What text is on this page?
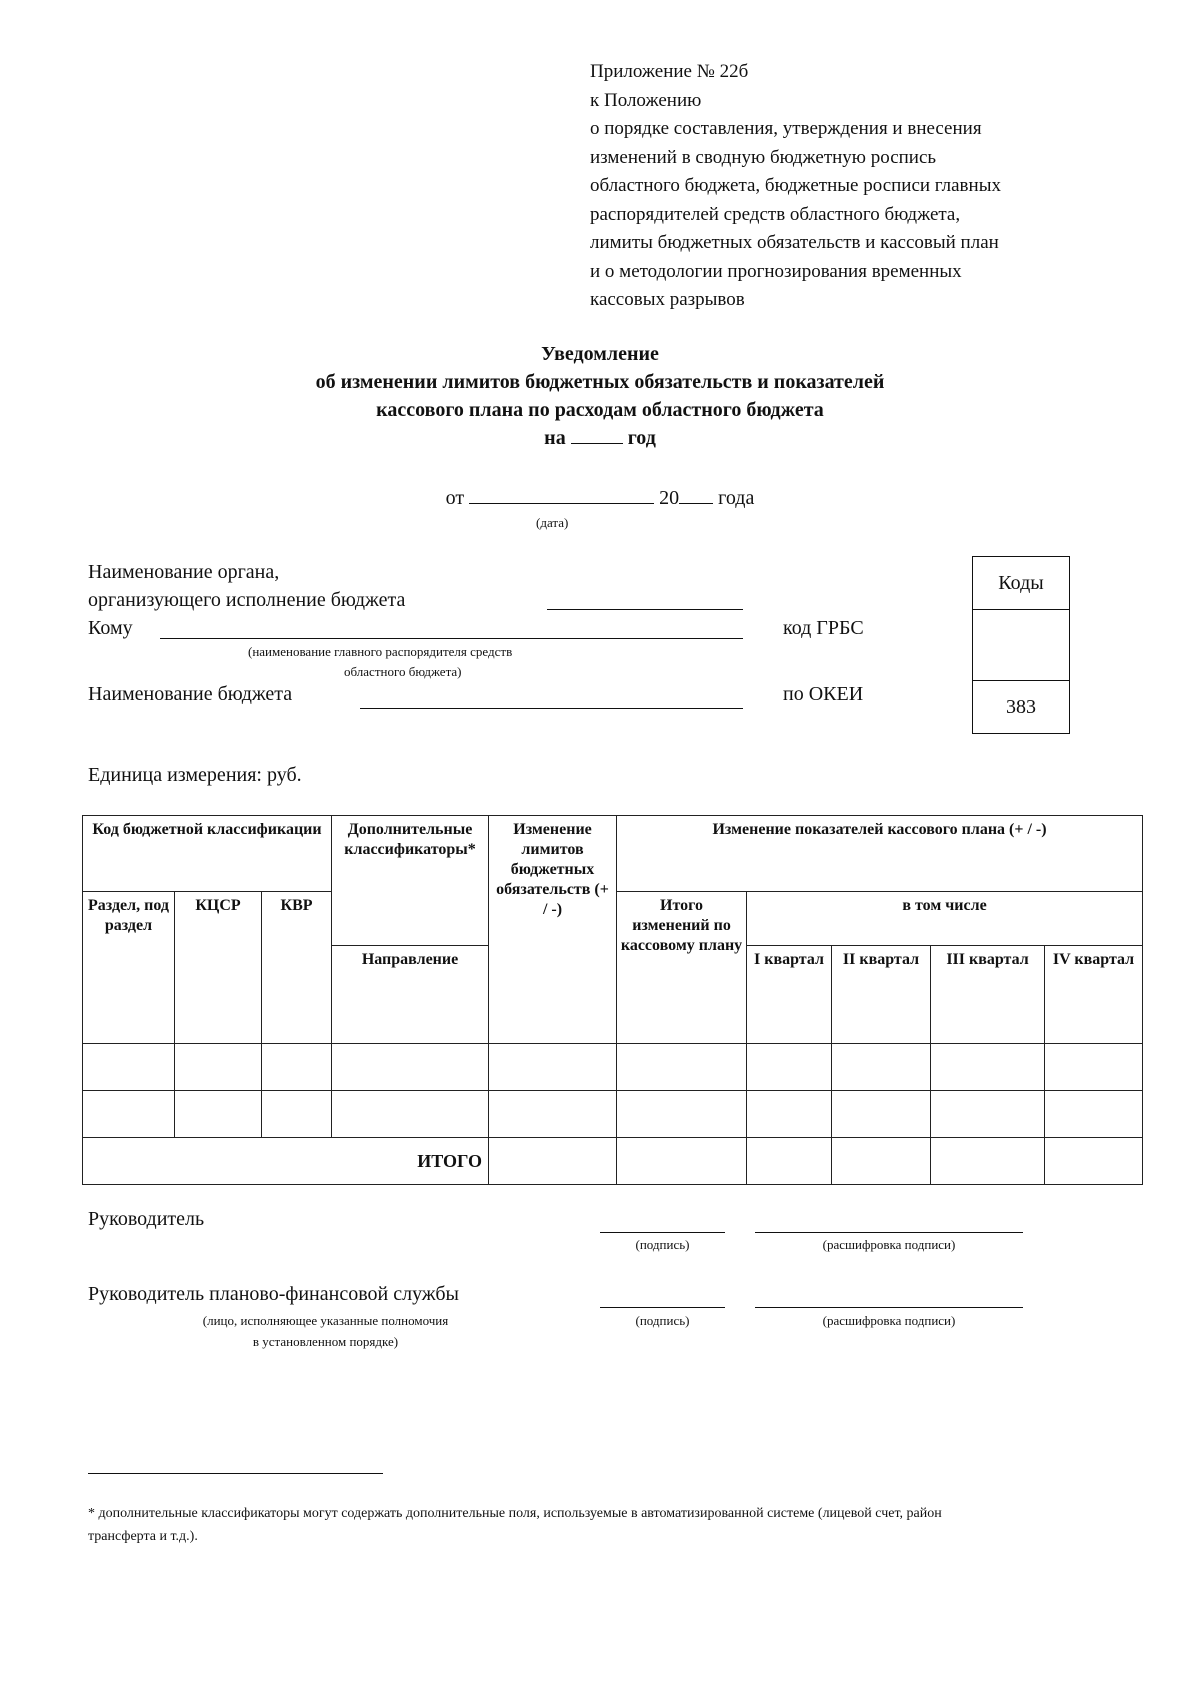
Приложение № 22б
к Положению
о порядке составления, утверждения и внесения
изменений в сводную бюджетную роспись
областного бюджета, бюджетные росписи главных
распорядителей средств областного бюджета,
лимиты бюджетных обязательств и кассовый план
и о методологии прогнозирования временных
кассовых разрывов
Уведомление
об изменении лимитов бюджетных обязательств и показателей
кассового плана по расходам областного бюджета
на	год
от	20 года
(дата)
Наименование органа,
организующего исполнение бюджета
Кому
(наименование главного распорядителя средств
областного бюджета)
Наименование бюджета
код ГРБС
по ОКЕИ
Коды
383
Единица измерения: руб.
Код бюджетной классификации			Дополнительные классификаторы*	Изменение лимитов бюджетных обязательств (+ / -)	Изменение показателей кассового плана (+ / -)				
Раздел, под раздел	КЦСР	КВР			Итого изменений по кассовому плану	в том числе			
			Направление			I квартал	II квартал	III квартал	IV квартал

ИТОГО									
Руководитель
(подпись)	(расшифровка подписи)
Руководитель планово-финансовой службы
(лицо, исполняющее указанные полномочия
в установленном порядке)
(подпись)	(расшифровка подписи)
* дополнительные классификаторы могут содержать дополнительные поля, используемые в автоматизированной системе (лицевой счет, район трансферта и т.д.).
